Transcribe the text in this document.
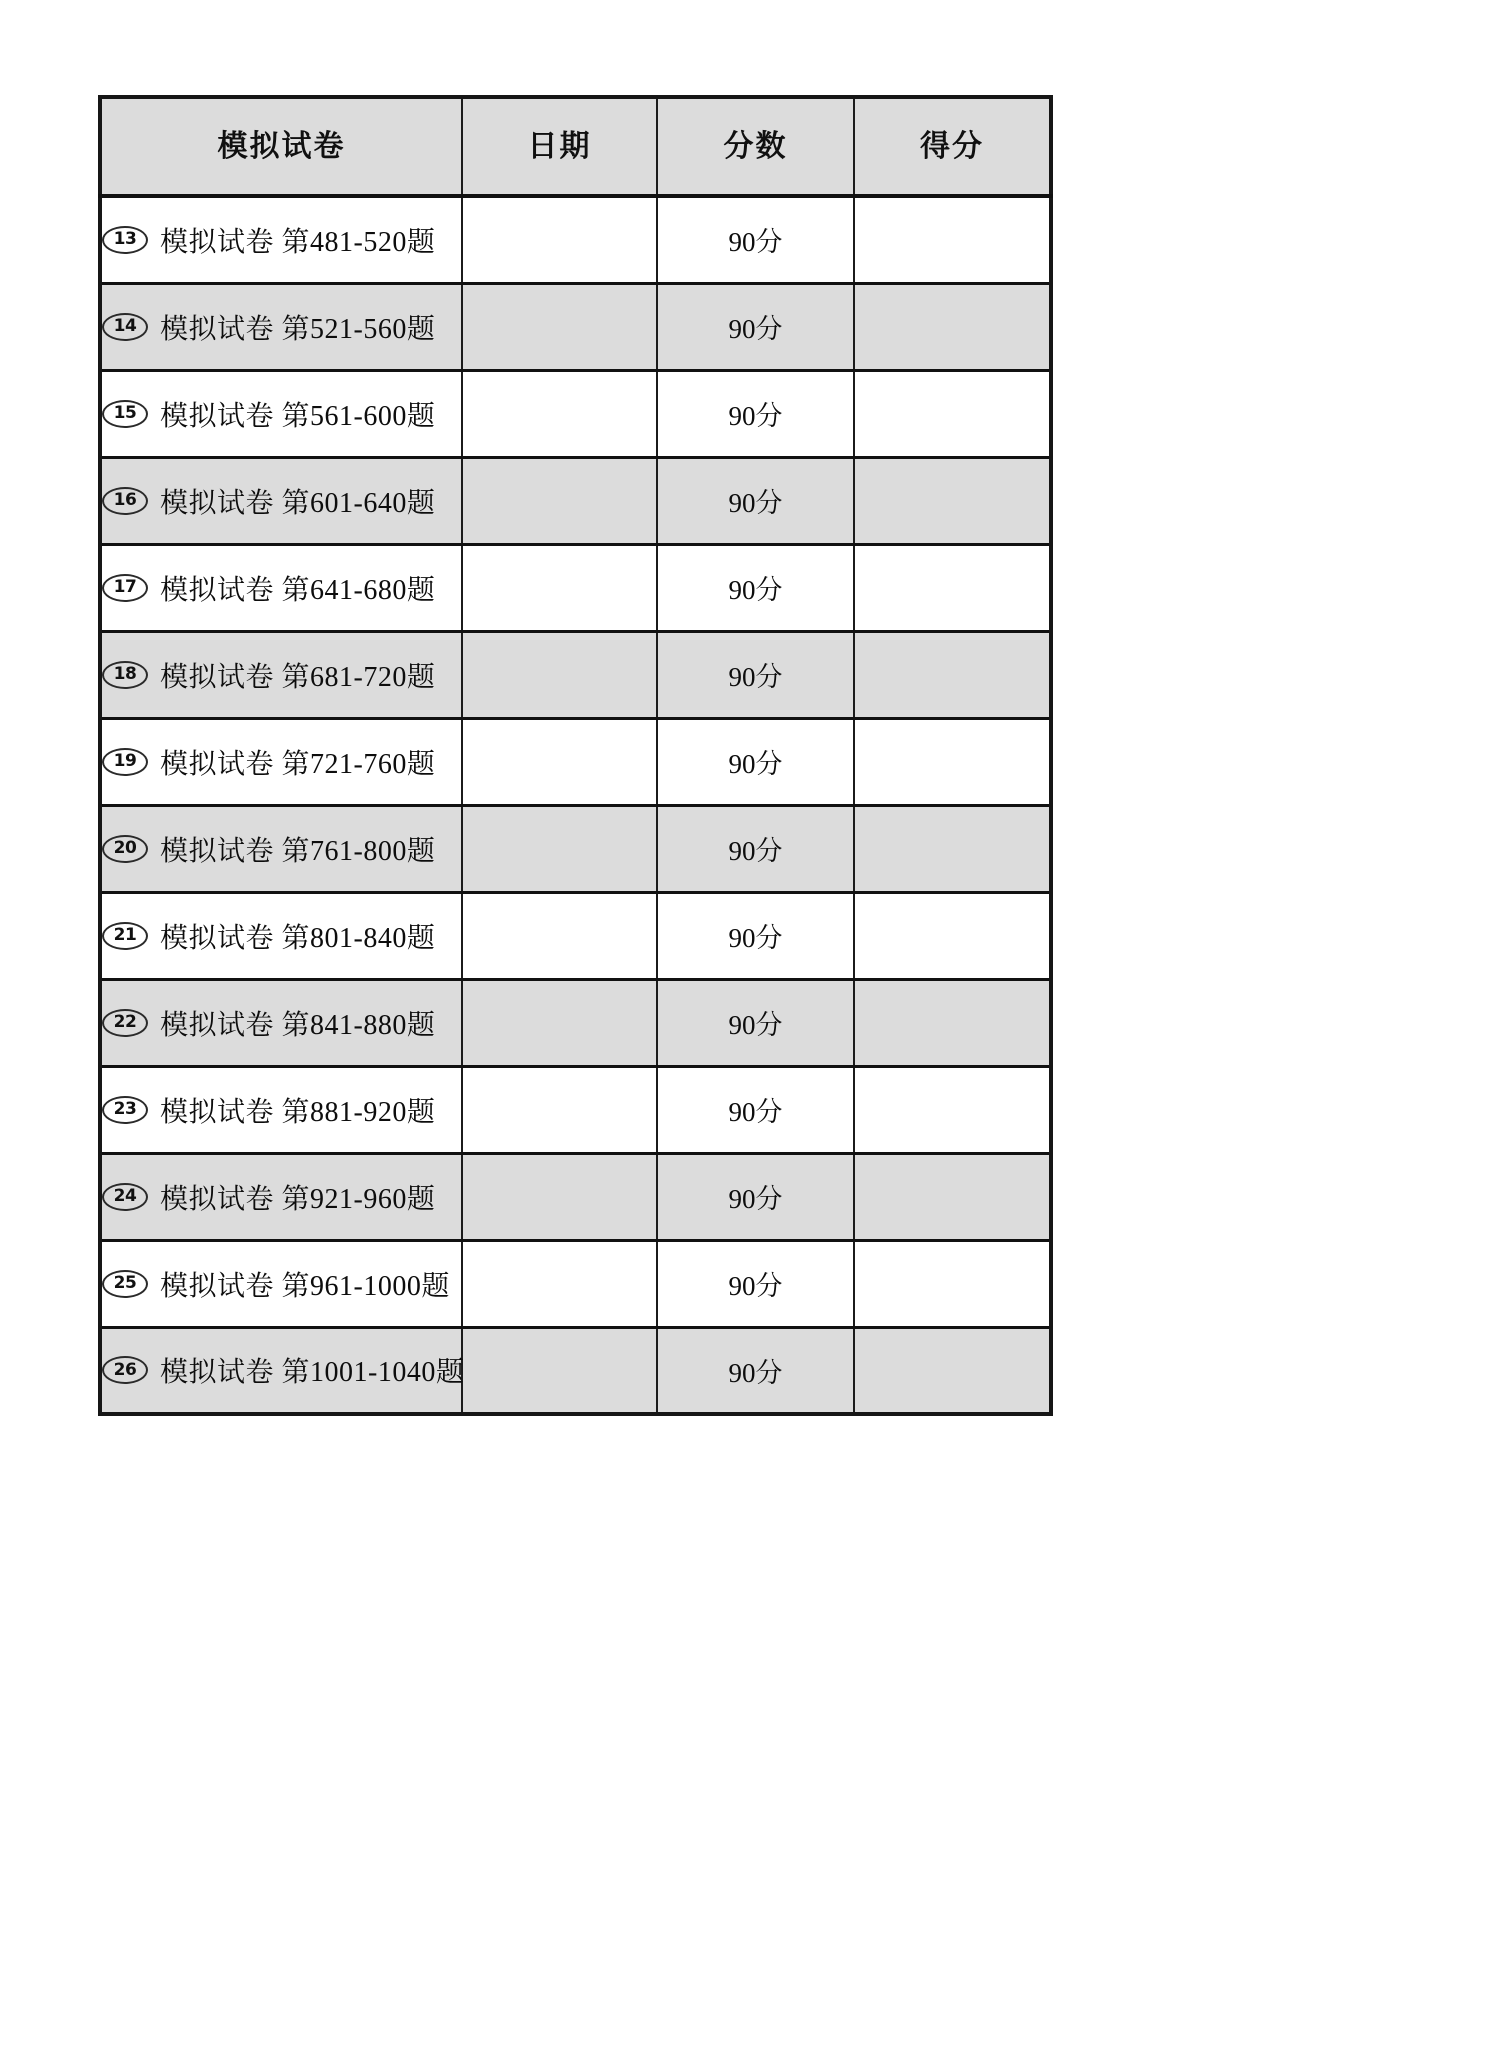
模拟试卷	日期	分数	得分

13 模拟试卷 第481-520题		90分	

14 模拟试卷 第521-560题		90分	

15 模拟试卷 第561-600题		90分	

16 模拟试卷 第601-640题		90分	

17 模拟试卷 第641-680题		90分	

18 模拟试卷 第681-720题		90分	

19 模拟试卷 第721-760题		90分	

20 模拟试卷 第761-800题		90分	

21 模拟试卷 第801-840题		90分	

22 模拟试卷 第841-880题		90分	

23 模拟试卷 第881-920题		90分	

24 模拟试卷 第921-960题		90分	

25 模拟试卷 第961-1000题		90分	

26 模拟试卷 第1001-1040题		90分	
